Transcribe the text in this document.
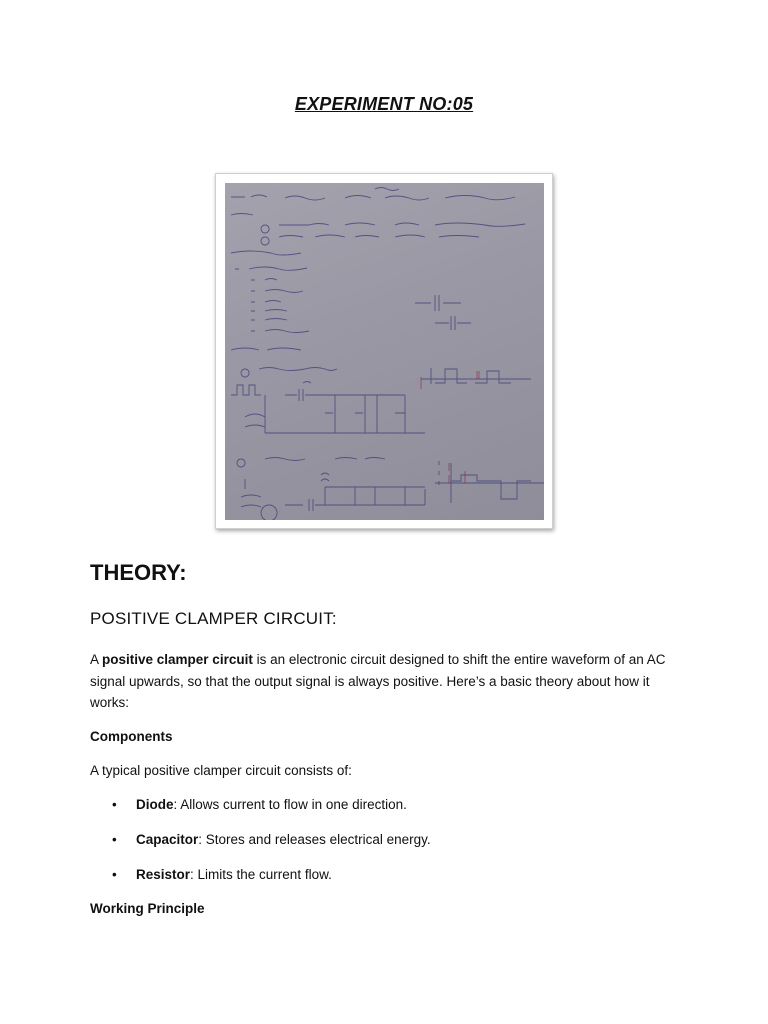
EXPERIMENT NO:05
THEORY:
POSITIVE CLAMPER CIRCUIT:
A positive clamper circuit is an electronic circuit designed to shift the entire waveform of an AC signal upwards, so that the output signal is always positive. Here’s a basic theory about how it works:
Components
A typical positive clamper circuit consists of:
• Diode: Allows current to flow in one direction.
• Capacitor: Stores and releases electrical energy.
• Resistor: Limits the current flow.
Working Principle
